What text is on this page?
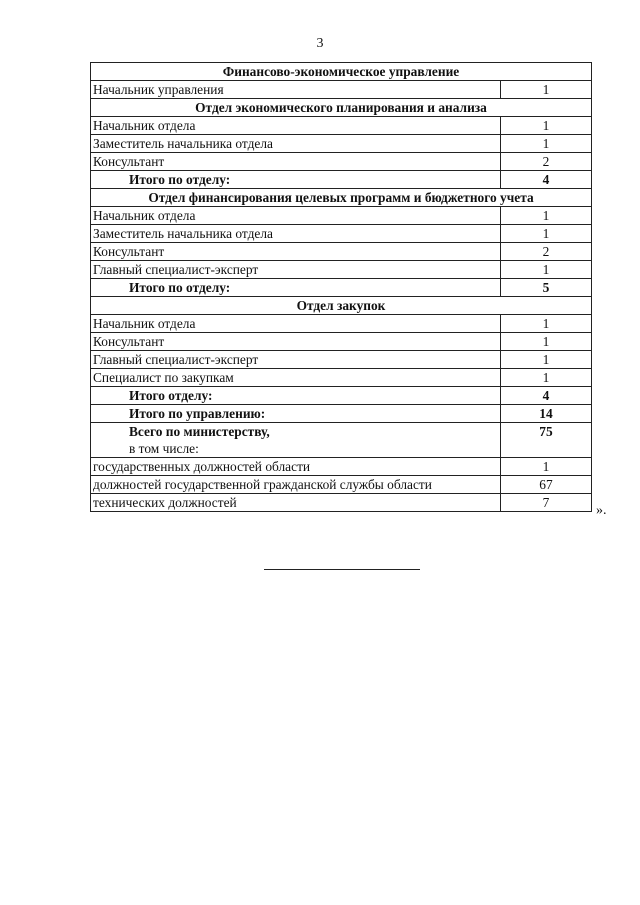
3
Финансово-экономическое управление	
Начальник управления	1
Отдел экономического планирования и анализа	
Начальник отдела	1
Заместитель начальника отдела	1
Консультант	2
Итого по отделу:	4
Отдел финансирования целевых программ и бюджетного учета	
Начальник отдела	1
Заместитель начальника отдела	1
Консультант	2
Главный специалист-эксперт	1
Итого по отделу:	5
Отдел закупок	
Начальник отдела	1
Консультант	1
Главный специалист-эксперт	1
Специалист по закупкам	1
Итого отделу:	4
Итого по управлению:	14

Всего по министерству,
в том числе:	75
государственных должностей области	1
должностей государственной гражданской службы области	67
технических должностей	7
».
